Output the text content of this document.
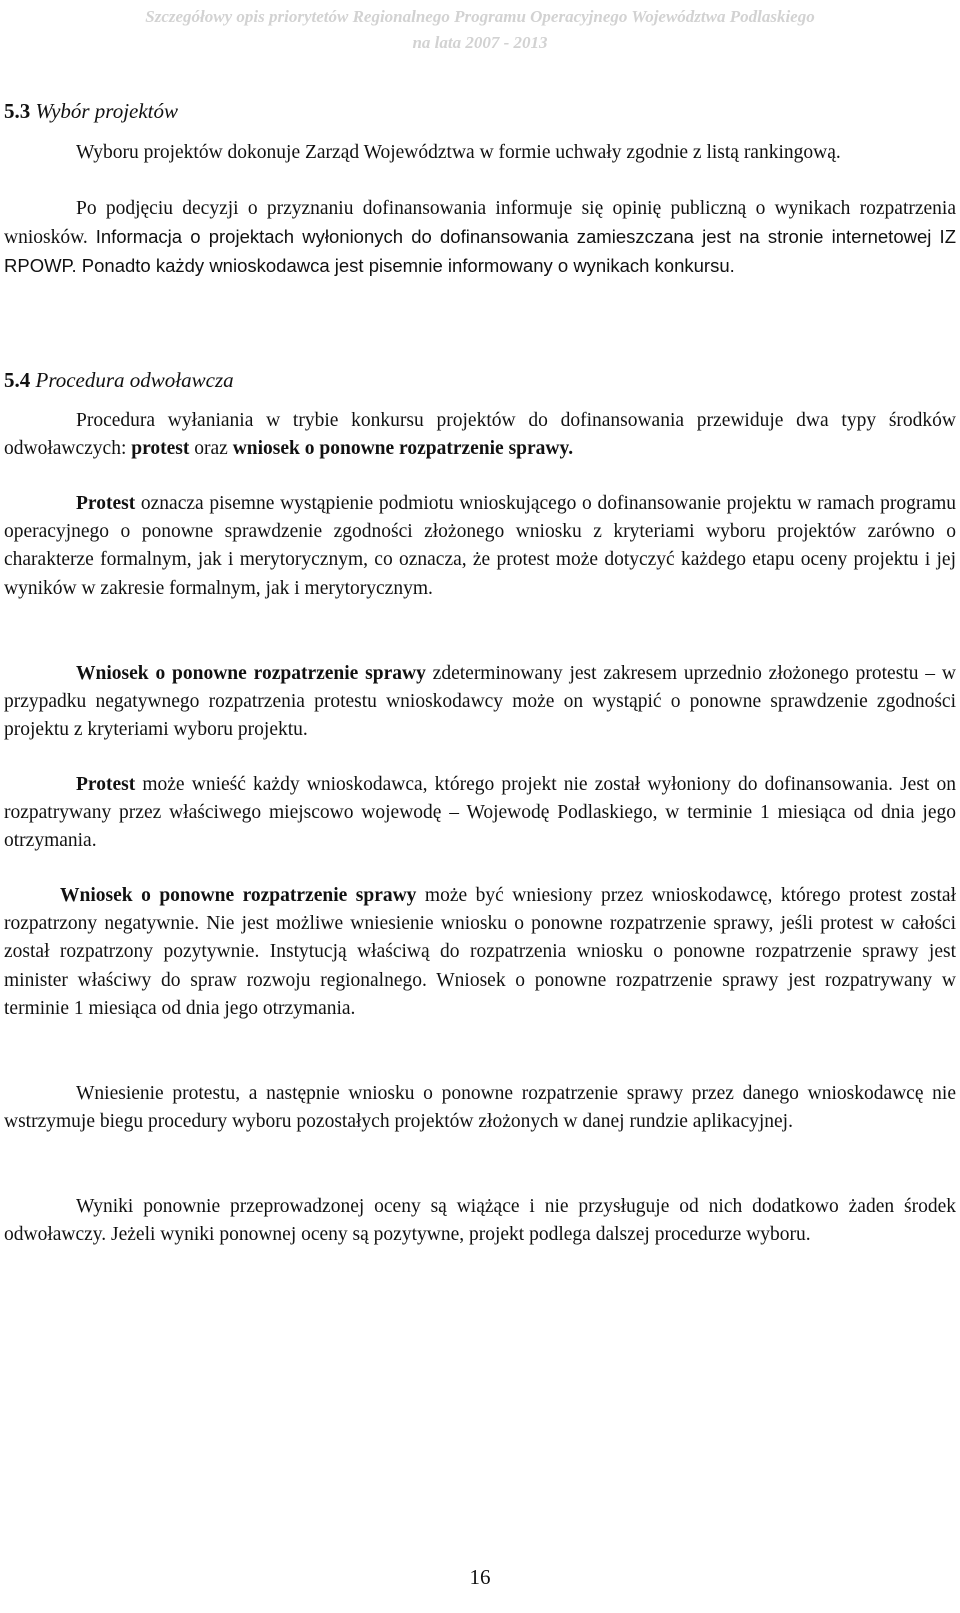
Szczegółowy opis priorytetów Regionalnego Programu Operacyjnego Województwa Podlaskiego
na lata 2007 - 2013
5.3 Wybór projektów
Wyboru projektów dokonuje Zarząd Województwa w formie uchwały zgodnie z listą rankingową.
Po podjęciu decyzji o przyznaniu dofinansowania informuje się opinię publiczną o wynikach rozpatrzenia wniosków. Informacja o projektach wyłonionych do dofinansowania zamieszczana jest na stronie internetowej IZ RPOWP. Ponadto każdy wnioskodawca jest pisemnie informowany o wynikach konkursu.
5.4 Procedura odwoławcza
Procedura wyłaniania w trybie konkursu projektów do dofinansowania przewiduje dwa typy środków odwoławczych: protest oraz wniosek o ponowne rozpatrzenie sprawy.
Protest oznacza pisemne wystąpienie podmiotu wnioskującego o dofinansowanie projektu w ramach programu operacyjnego o ponowne sprawdzenie zgodności złożonego wniosku z kryteriami wyboru projektów zarówno o charakterze formalnym, jak i merytorycznym, co oznacza, że protest może dotyczyć każdego etapu oceny projektu i jej wyników w zakresie formalnym, jak i merytorycznym.
Wniosek o ponowne rozpatrzenie sprawy zdeterminowany jest zakresem uprzednio złożonego protestu – w przypadku negatywnego rozpatrzenia protestu wnioskodawcy może on wystąpić o ponowne sprawdzenie zgodności projektu z kryteriami wyboru projektu.
Protest może wnieść każdy wnioskodawca, którego projekt nie został wyłoniony do dofinansowania. Jest on rozpatrywany przez właściwego miejscowo wojewodę – Wojewodę Podlaskiego, w terminie 1 miesiąca od dnia jego otrzymania.
Wniosek o ponowne rozpatrzenie sprawy może być wniesiony przez wnioskodawcę, którego protest został rozpatrzony negatywnie. Nie jest możliwe wniesienie wniosku o ponowne rozpatrzenie sprawy, jeśli protest w całości został rozpatrzony pozytywnie. Instytucją właściwą do rozpatrzenia wniosku o ponowne rozpatrzenie sprawy jest minister właściwy do spraw rozwoju regionalnego. Wniosek o ponowne rozpatrzenie sprawy jest rozpatrywany w terminie 1 miesiąca od dnia jego otrzymania.
Wniesienie protestu, a następnie wniosku o ponowne rozpatrzenie sprawy przez danego wnioskodawcę nie wstrzymuje biegu procedury wyboru pozostałych projektów złożonych w danej rundzie aplikacyjnej.
Wyniki ponownie przeprowadzonej oceny są wiążące i nie przysługuje od nich dodatkowo żaden środek odwoławczy. Jeżeli wyniki ponownej oceny są pozytywne, projekt podlega dalszej procedurze wyboru.
16
